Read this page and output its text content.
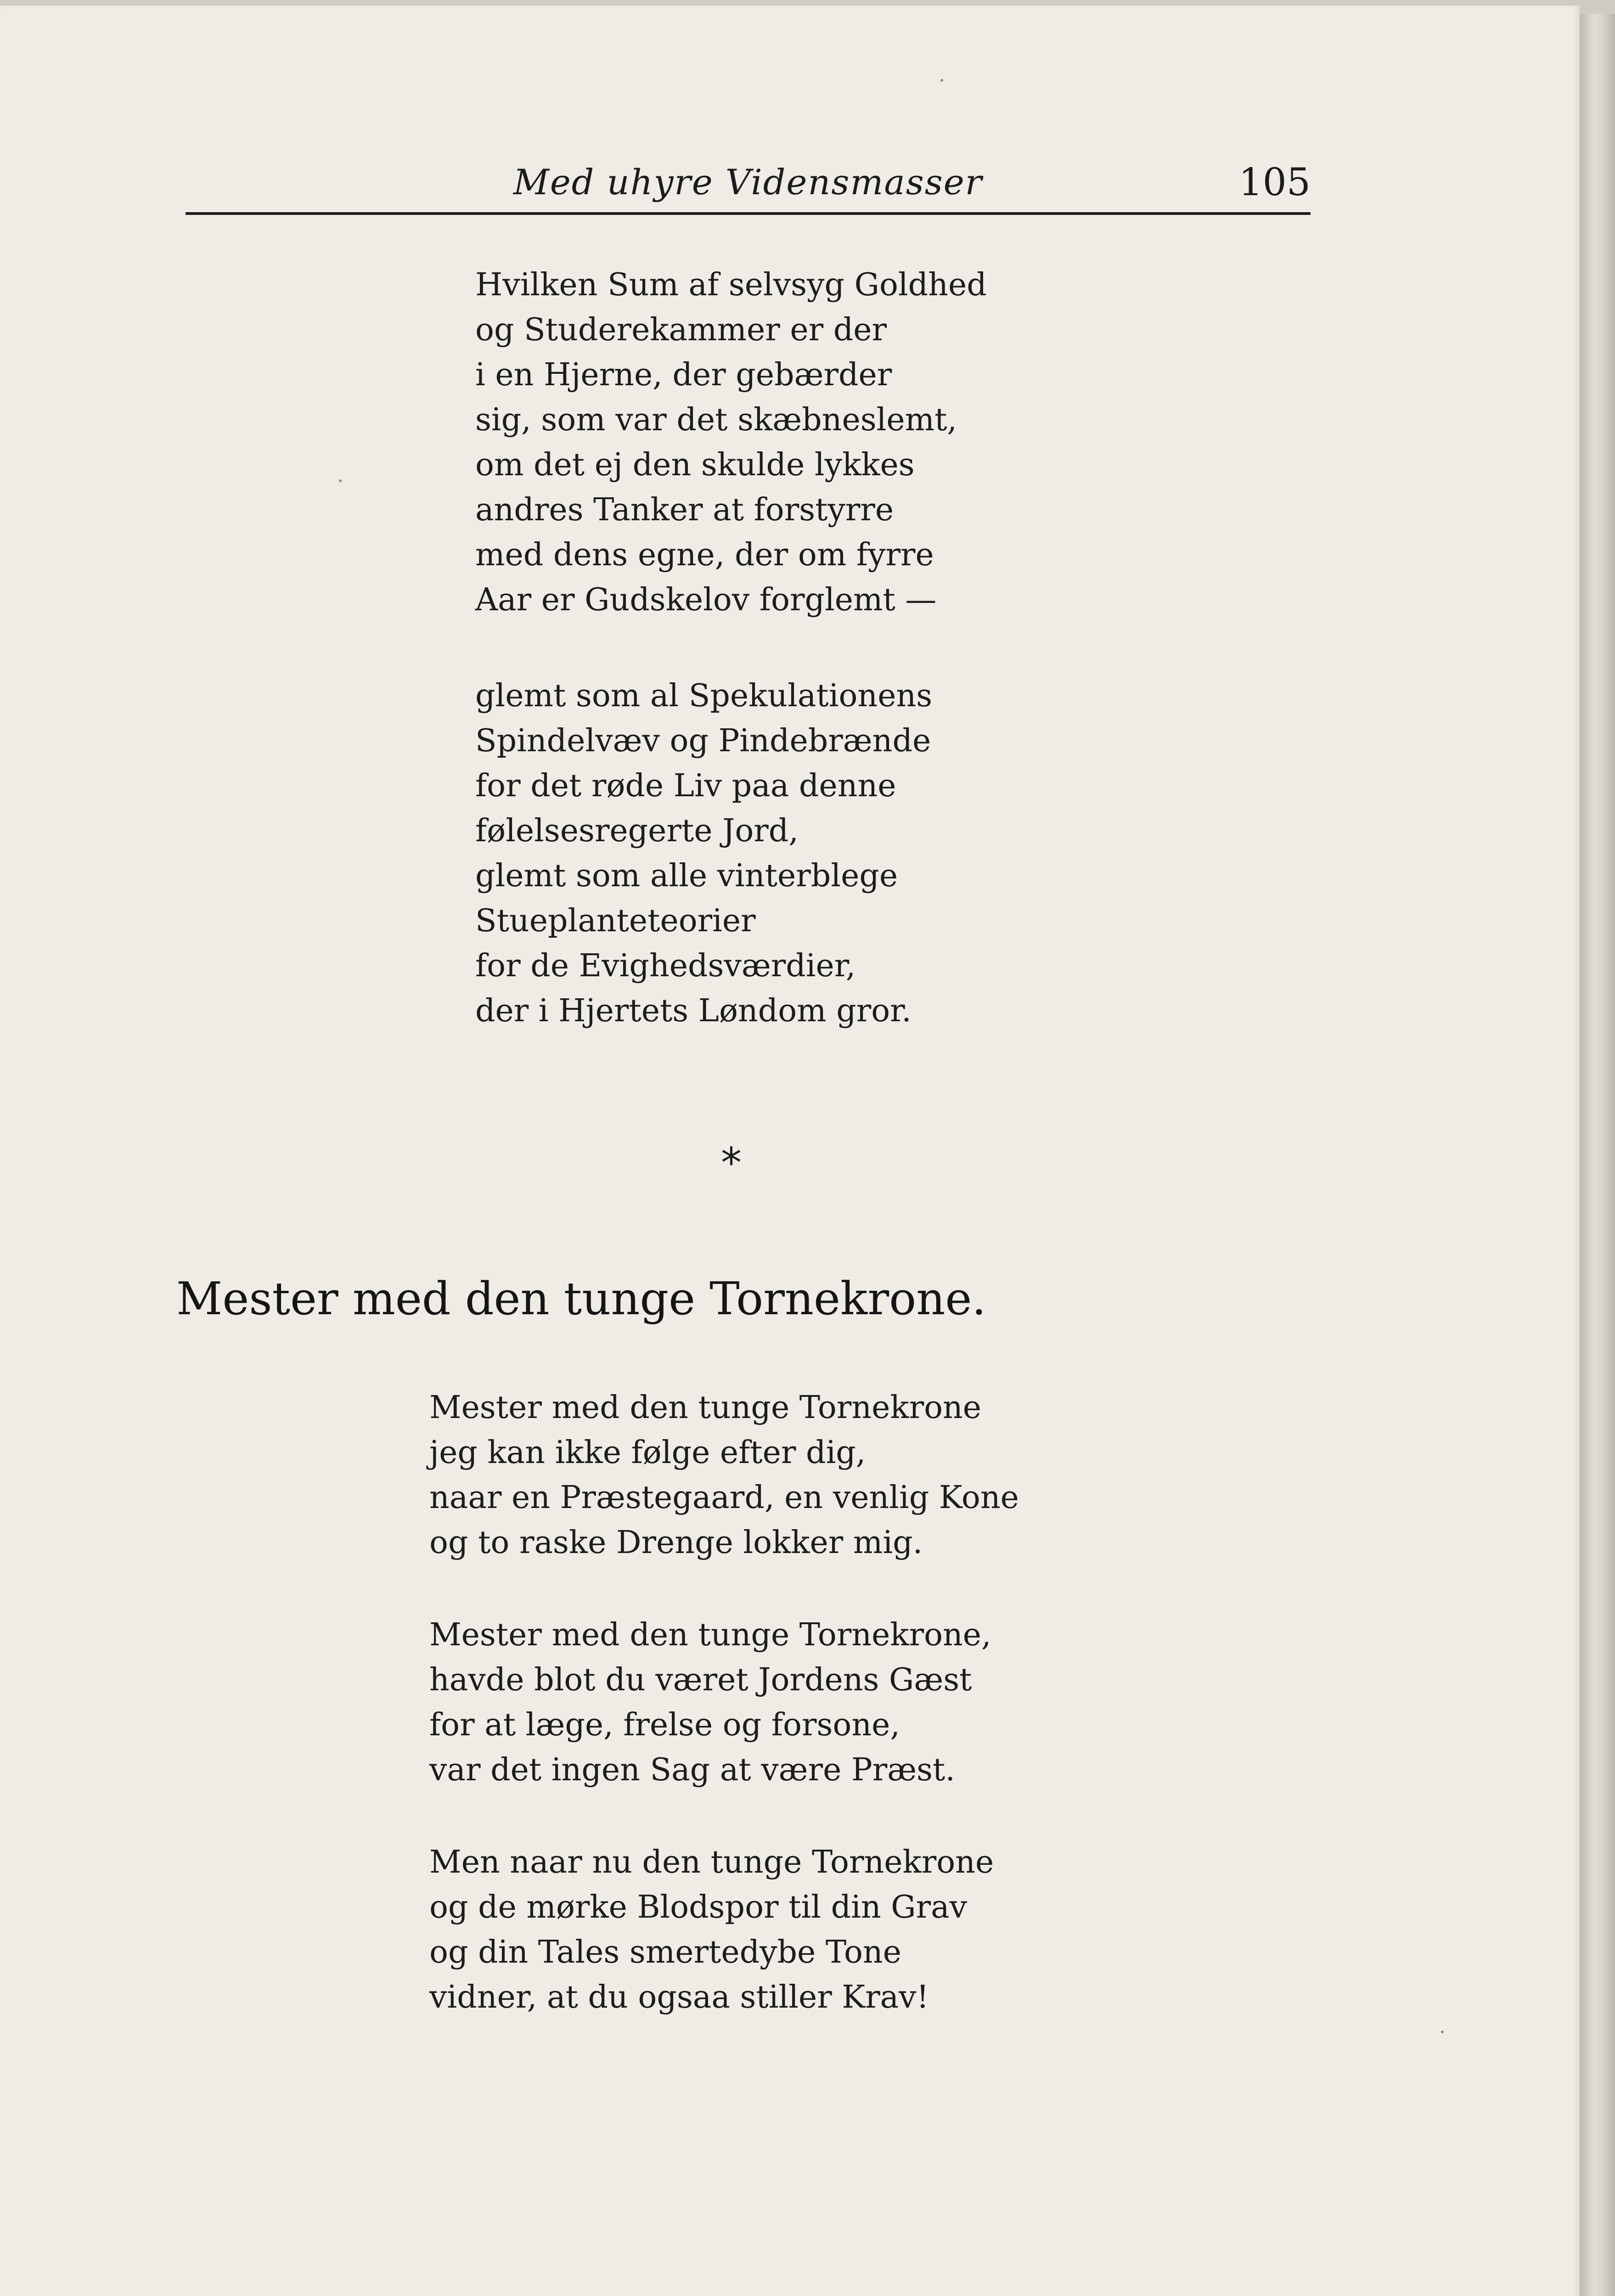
Med uhyre Vidensmasser	105
Hvilken Sum af selvsyg Goldhed
og Studerekammer er der
i en Hjerne, der gebærder
sig, som var det skæbneslemt,
om det ej den skulde lykkes
andres Tanker at forstyrre
med dens egne, der om fyrre
Aar er Gudskelov forglemt —
glemt som al Spekulationens
Spindelvæv og Pindebrænde
for det røde Liv paa denne
følelsesregerte Jord,
glemt som alle vinterblege
Stueplanteteorier
for de Evighedsværdier,
der i Hjertets Løndom gror.
⁎
Mester med den tunge Tornekrone.
Mester med den tunge Tornekrone
jeg kan ikke følge efter dig,
naar en Præstegaard, en venlig Kone
og to raske Drenge lokker mig.
Mester med den tunge Tornekrone,
havde blot du været Jordens Gæst
for at læge, frelse og forsone,
var det ingen Sag at være Præst.
Men naar nu den tunge Tornekrone
og de mørke Blodspor til din Grav
og din Tales smertedybe Tone
vidner, at du ogsaa stiller Krav!
